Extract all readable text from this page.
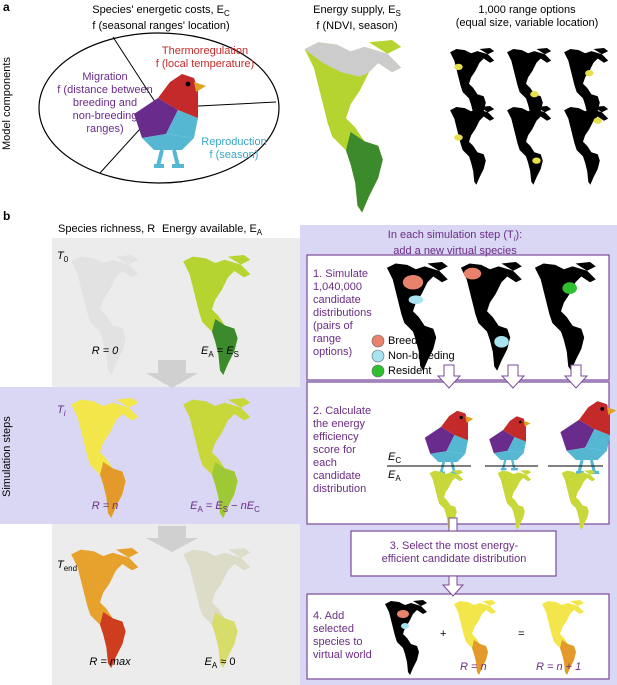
a
b
Model components
Simulation steps
Species' energetic costs, $E_C$
f (seasonal ranges' location)
Energy supply, $E_S$
f (NDVI, season)
1,000 range options
(equal size, variable location)
Thermoregulation
f (local temperature)
Migration
f (distance between
breeding and
non-breeding
ranges)
Reproduction
f (season)
Species richness, R Energy available, $E_A$
$T_0$
$T_i$
$T_{end}$
R = 0	$E_A = E_S$
R = n	$E_A = E_S - nE_C$
R = max	$E_A \approx 0$
In each simulation step $(T_i)$:
add a new virtual species
1. Simulate
1,040,000
candidate
distributions
(pairs of
range
options)
Breeding
Non-breeding
Resident
2. Calculate
the energy
efficiency
score for
each
candidate
distribution
$E_C$
$E_A$
3. Select the most energy-
efficient candidate distribution
4. Add
selected
species to
virtual world
+	=
R = n	R = n + 1
